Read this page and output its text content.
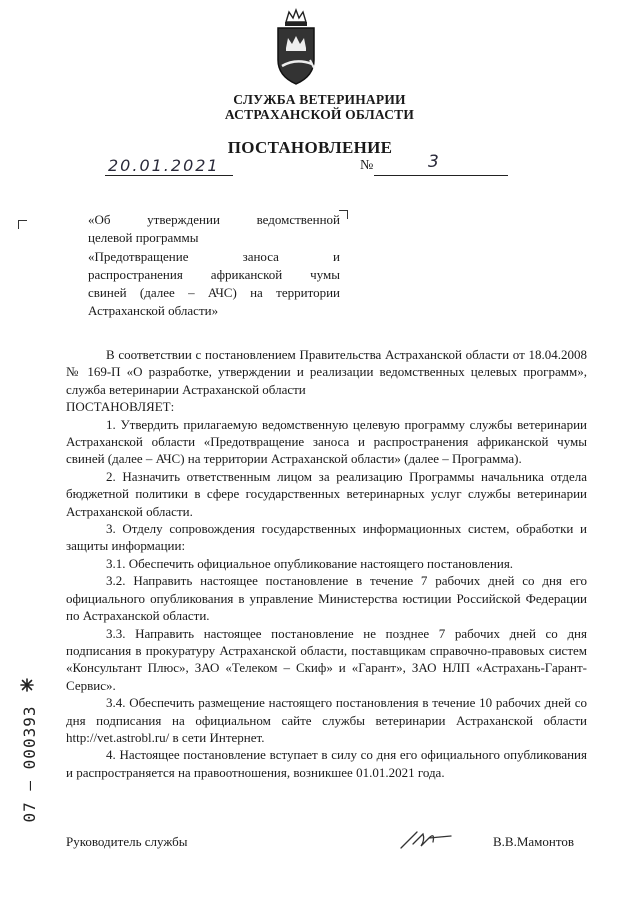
СЛУЖБА ВЕТЕРИНАРИИ
АСТРАХАНСКОЙ ОБЛАСТИ
ПОСТАНОВЛЕНИЕ
20.01.2021	№	3
«Об утверждении ведомственной
целевой программы
«Предотвращение заноса и
распространения африканской чумы
свиней (далее – АЧС) на территории
Астраханской области»

В соответствии с постановлением Правительства Астраханской области от 18.04.2008 № 169-П «О разработке, утверждении и реализации ведомственных целевых программ», служба ветеринарии Астраханской области

ПОСТАНОВЛЯЕТ:

1. Утвердить прилагаемую ведомственную целевую программу службы ветеринарии Астраханской области «Предотвращение заноса и распространения африканской чумы свиней (далее – АЧС) на территории Астраханской области» (далее – Программа).

2. Назначить ответственным лицом за реализацию Программы начальника отдела бюджетной политики в сфере государственных ветеринарных услуг службы ветеринарии Астраханской области.

3. Отделу сопровождения государственных информационных систем, обработки и защиты информации:

3.1. Обеспечить официальное опубликование настоящего постановления.

3.2. Направить настоящее постановление в течение 7 рабочих дней со дня его официального опубликования в управление Министерства юстиции Российской Федерации по Астраханской области.

3.3. Направить настоящее постановление не позднее 7 рабочих дней со дня подписания в прокуратуру Астраханской области, поставщикам справочно-правовых систем «Консультант Плюс», ЗАО «Телеком – Скиф» и «Гарант», ЗАО НЛП «Астрахань-Гарант-Сервис».

3.4. Обеспечить размещение настоящего постановления в течение 10 рабочих дней со дня подписания на официальном сайте службы ветеринарии Астраханской области http://vet.astrobl.ru/ в сети Интернет.

4. Настоящее постановление вступает в силу со дня его официального опубликования и распространяется на правоотношения, возникшее 01.01.2021 года.

07 – 000393
Руководитель службы	В.В.Мамонтов
